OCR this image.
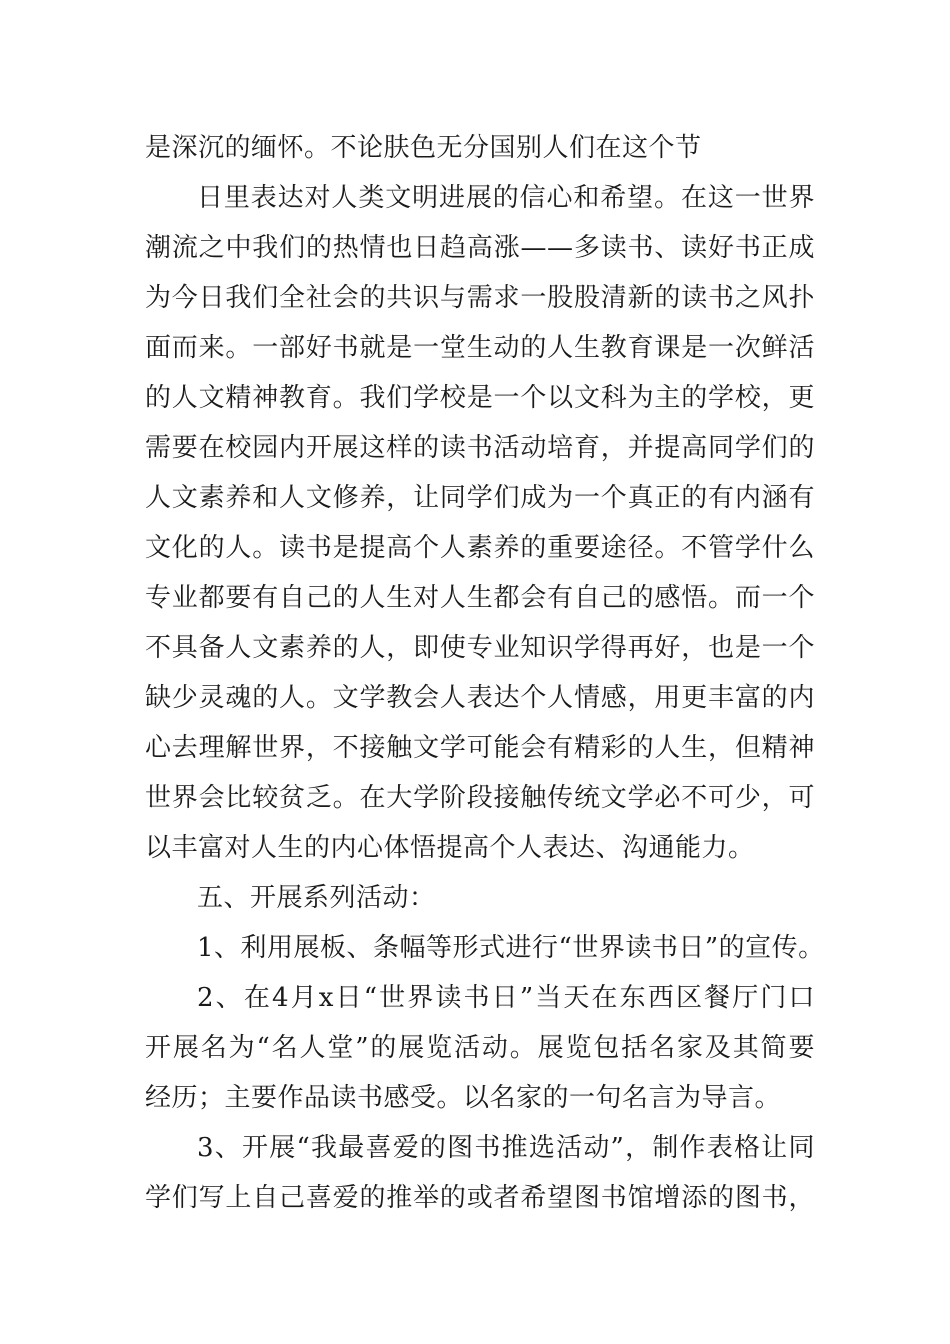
是深沉的缅怀。不论肤色无分国别人们在这个节
日里表达对人类文明进展的信心和希望。在这一世界
潮流之中我们的热情也日趋高涨——多读书、读好书正成
为今日我们全社会的共识与需求一股股清新的读书之风扑
面而来。一部好书就是一堂生动的人生教育课是一次鲜活
的人文精神教育。我们学校是一个以文科为主的学校，更
需要在校园内开展这样的读书活动培育，并提高同学们的
人文素养和人文修养，让同学们成为一个真正的有内涵有
文化的人。读书是提高个人素养的重要途径。不管学什么
专业都要有自己的人生对人生都会有自己的感悟。而一个
不具备人文素养的人，即使专业知识学得再好，也是一个
缺少灵魂的人。文学教会人表达个人情感，用更丰富的内
心去理解世界，不接触文学可能会有精彩的人生，但精神
世界会比较贫乏。在大学阶段接触传统文学必不可少，可
以丰富对人生的内心体悟提高个人表达、沟通能力。
五、开展系列活动：
1、利用展板、条幅等形式进行“世界读书日”的宣传。
2、在4月x日“世界读书日”当天在东西区餐厅门口
开展名为“名人堂”的展览活动。展览包括名家及其简要
经历；主要作品读书感受。以名家的一句名言为导言。
3、开展“我最喜爱的图书推选活动”，制作表格让同
学们写上自己喜爱的推举的或者希望图书馆增添的图书，
